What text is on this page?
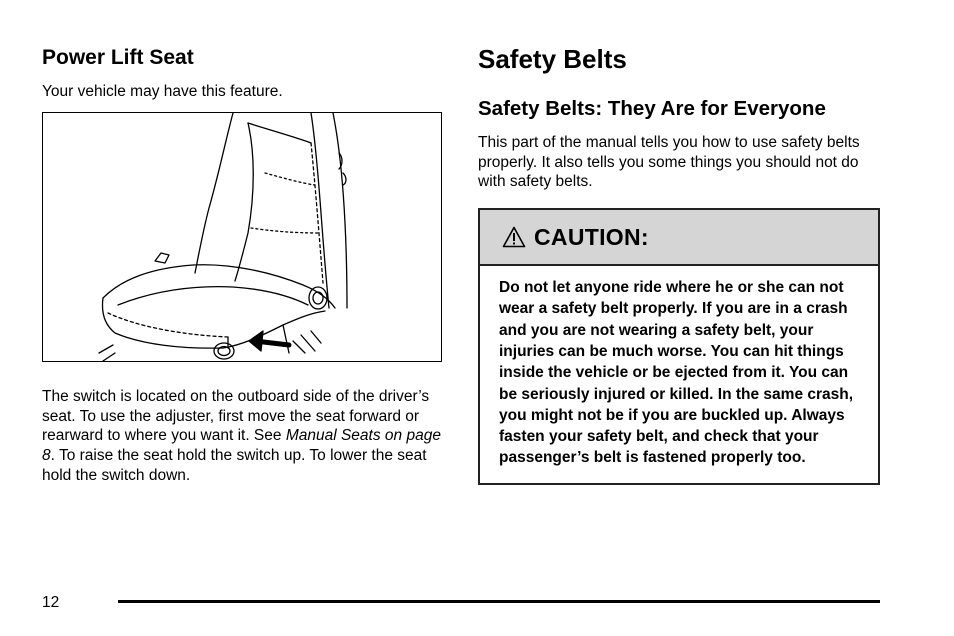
Power Lift Seat

Your vehicle may have this feature.

The switch is located on the outboard side of the driver’s seat. To use the adjuster, first move the seat forward or rearward to where you want it. See Manual Seats on page 8. To raise the seat hold the switch up. To lower the seat hold the switch down.

Safety Belts
Safety Belts: They Are for Everyone

This part of the manual tells you how to use safety belts properly. It also tells you some things you should not do with safety belts.

CAUTION:
Do not let anyone ride where he or she can not wear a safety belt properly. If you are in a crash and you are not wearing a safety belt, your injuries can be much worse. You can hit things inside the vehicle or be ejected from it. You can be seriously injured or killed. In the same crash, you might not be if you are buckled up. Always fasten your safety belt, and check that your passenger’s belt is fastened properly too.
12
